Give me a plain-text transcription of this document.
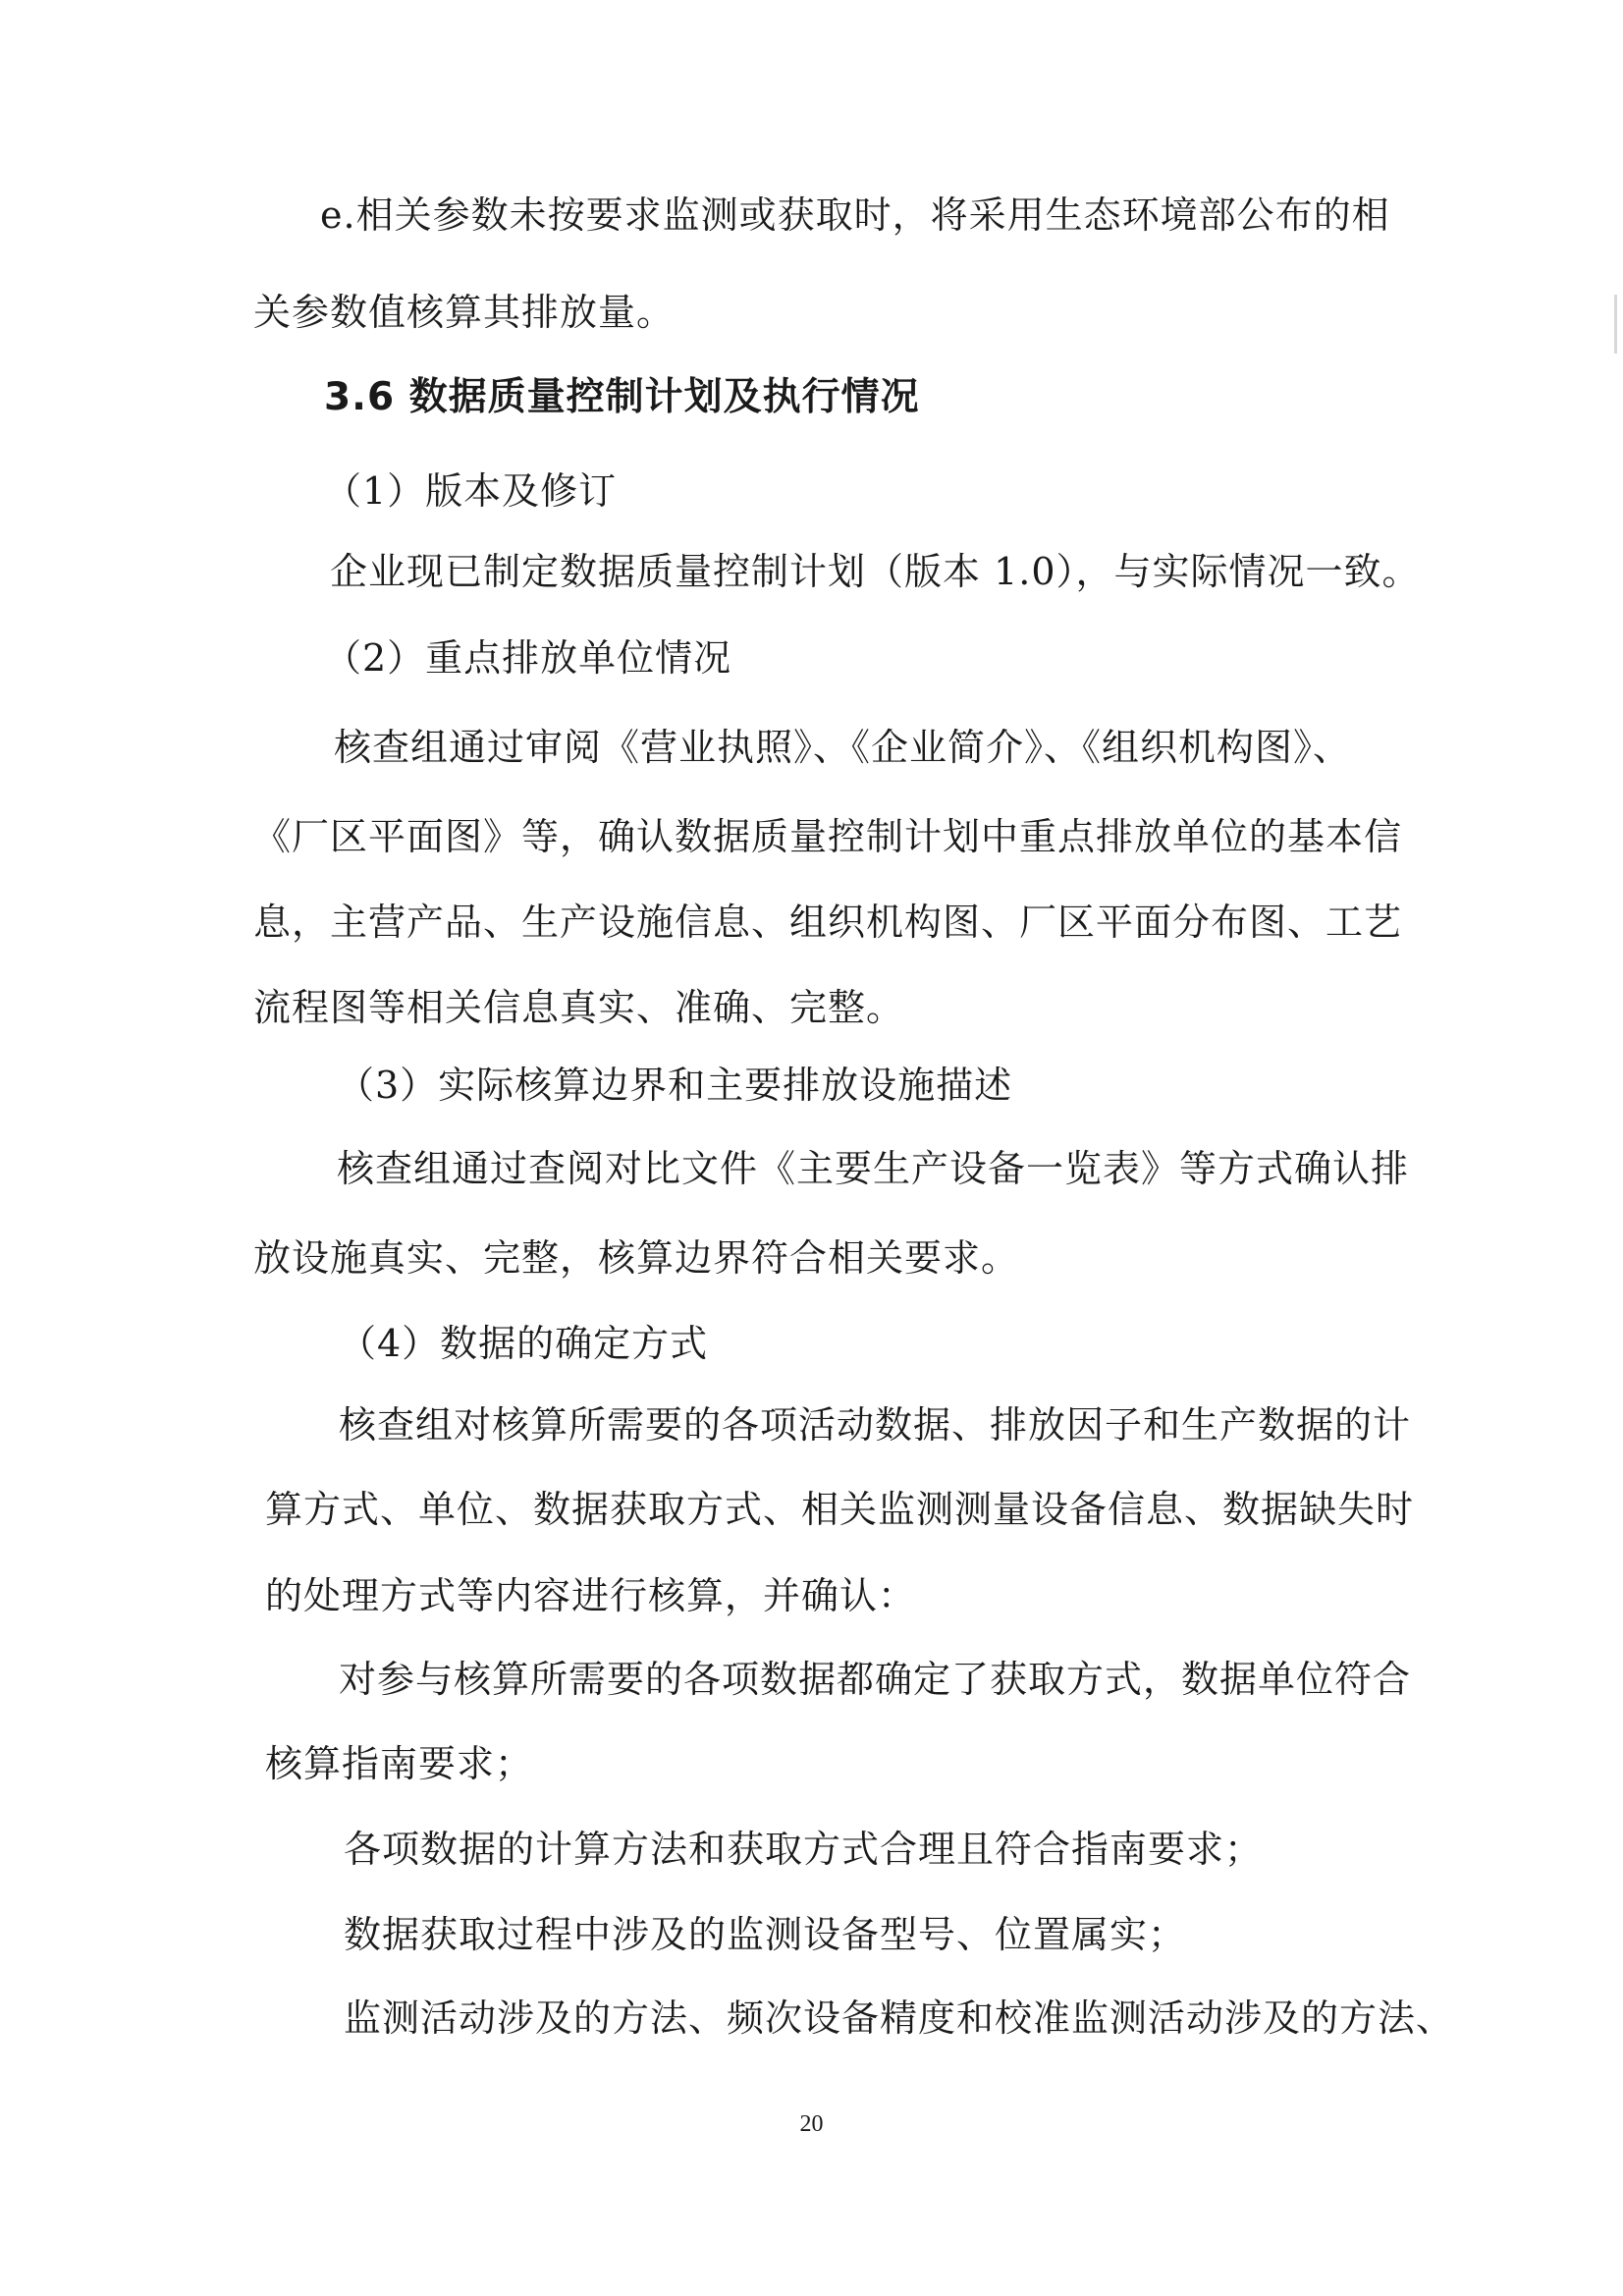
e.相关参数未按要求监测或获取时，将采用生态环境部公布的相
关参数值核算其排放量。
3.6 数据质量控制计划及执行情况
（1）版本及修订
企业现已制定数据质量控制计划（版本 1.0），与实际情况一致。
（2）重点排放单位情况
核查组通过审阅《营业执照》、《企业简介》、《组织机构图》、
《厂区平面图》等，确认数据质量控制计划中重点排放单位的基本信
息，主营产品、生产设施信息、组织机构图、厂区平面分布图、工艺
流程图等相关信息真实、准确、完整。
（3）实际核算边界和主要排放设施描述
核查组通过查阅对比文件《主要生产设备一览表》等方式确认排
放设施真实、完整，核算边界符合相关要求。
（4）数据的确定方式
核查组对核算所需要的各项活动数据、排放因子和生产数据的计
算方式、单位、数据获取方式、相关监测测量设备信息、数据缺失时
的处理方式等内容进行核算，并确认：
对参与核算所需要的各项数据都确定了获取方式，数据单位符合
核算指南要求；
各项数据的计算方法和获取方式合理且符合指南要求；
数据获取过程中涉及的监测设备型号、位置属实；
监测活动涉及的方法、频次设备精度和校准监测活动涉及的方法、
20
